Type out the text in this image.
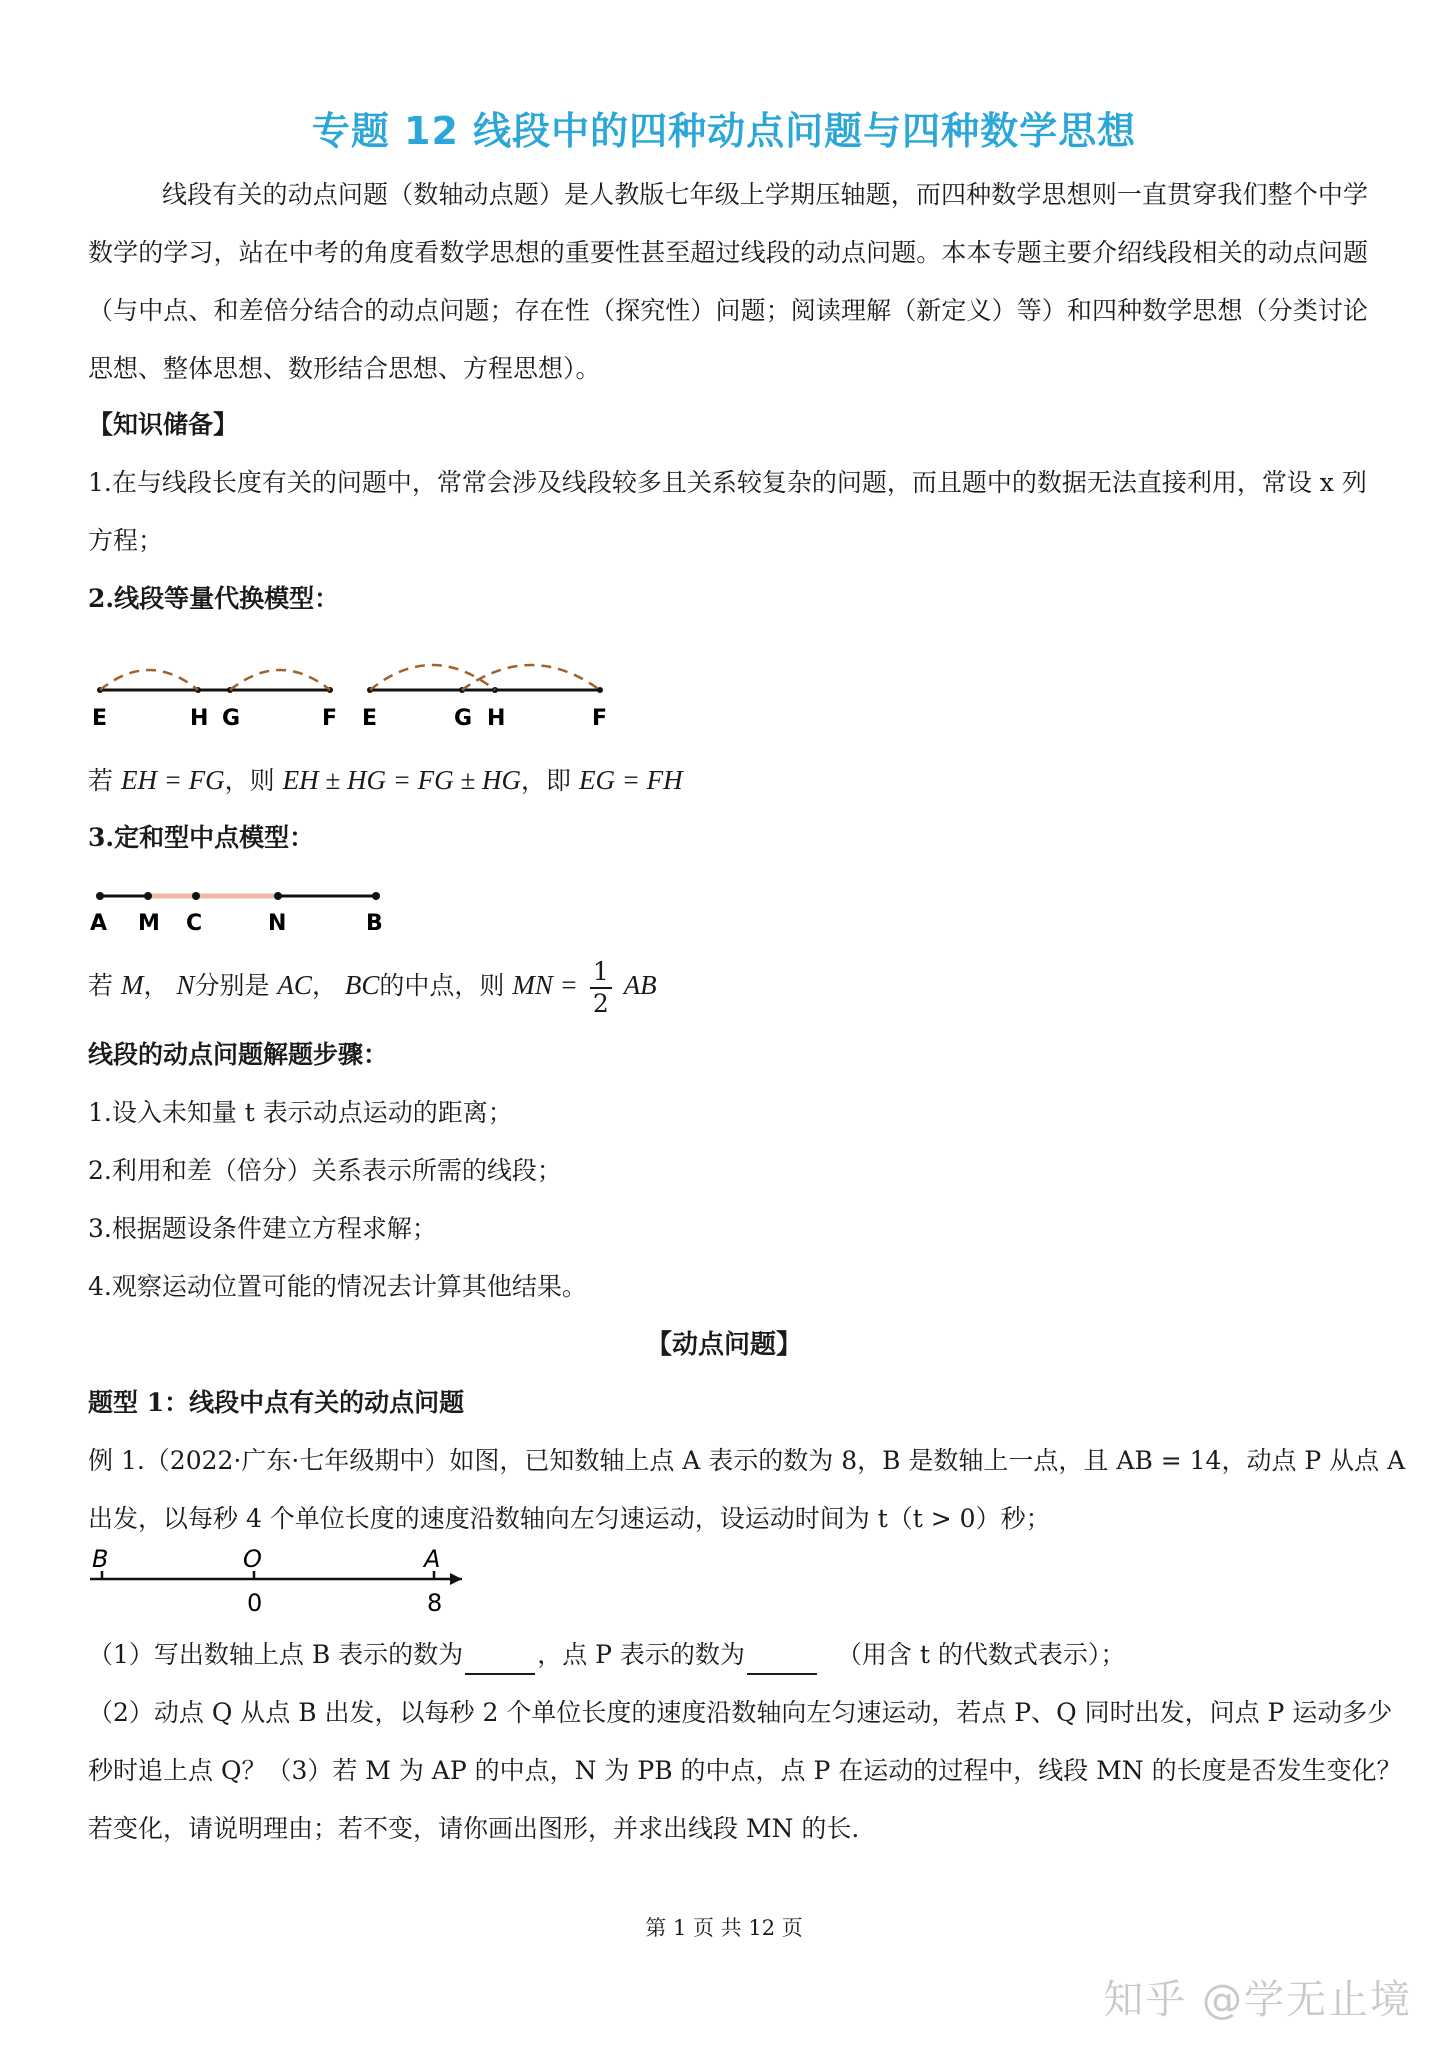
专题 12 线段中的四种动点问题与四种数学思想
线段有关的动点问题（数轴动点题）是人教版七年级上学期压轴题，而四种数学思想则一直贯穿我们整个中学数学的学习，站在中考的角度看数学思想的重要性甚至超过线段的动点问题。本本专题主要介绍线段相关的动点问题（与中点、和差倍分结合的动点问题；存在性（探究性）问题；阅读理解（新定义）等）和四种数学思想（分类讨论思想、整体思想、数形结合思想、方程思想）。
【知识储备】
1.在与线段长度有关的问题中，常常会涉及线段较多且关系较复杂的问题，而且题中的数据无法直接利用，常设 x 列
方程；
2.线段等量代换模型：
E	H G	F E	G H	F
若 EH = FG，则 EH ± HG = FG ± HG，即 EG = FH
3.定和型中点模型：
A M C	N	B
若 M， N分别是 AC， BC的中点，则 MN = $\frac{1}{2}$ AB
线段的动点问题解题步骤：
1.设入未知量 t 表示动点运动的距离；
2.利用和差（倍分）关系表示所需的线段；
3.根据题设条件建立方程求解；
4.观察运动位置可能的情况去计算其他结果。
【动点问题】
题型 1：线段中点有关的动点问题
例 1.（2022·广东·七年级期中）如图，已知数轴上点 A 表示的数为 8，B 是数轴上一点，且 AB = 14，动点 P 从点 A
出发，以每秒 4 个单位长度的速度沿数轴向左匀速运动，设运动时间为 t（t > 0）秒；
B	O	A
0	8
（1）写出数轴上点 B 表示的数为	，点 P 表示的数为	（用含 t 的代数式表示）；
（2）动点 Q 从点 B 出发，以每秒 2 个单位长度的速度沿数轴向左匀速运动，若点 P、Q 同时出发，问点 P 运动多少
秒时追上点 Q？（3）若 M 为 AP 的中点，N 为 PB 的中点，点 P 在运动的过程中，线段 MN 的长度是否发生变化？
若变化，请说明理由；若不变，请你画出图形，并求出线段 MN 的长.
第 1 页 共 12 页
知乎 @学无止境
